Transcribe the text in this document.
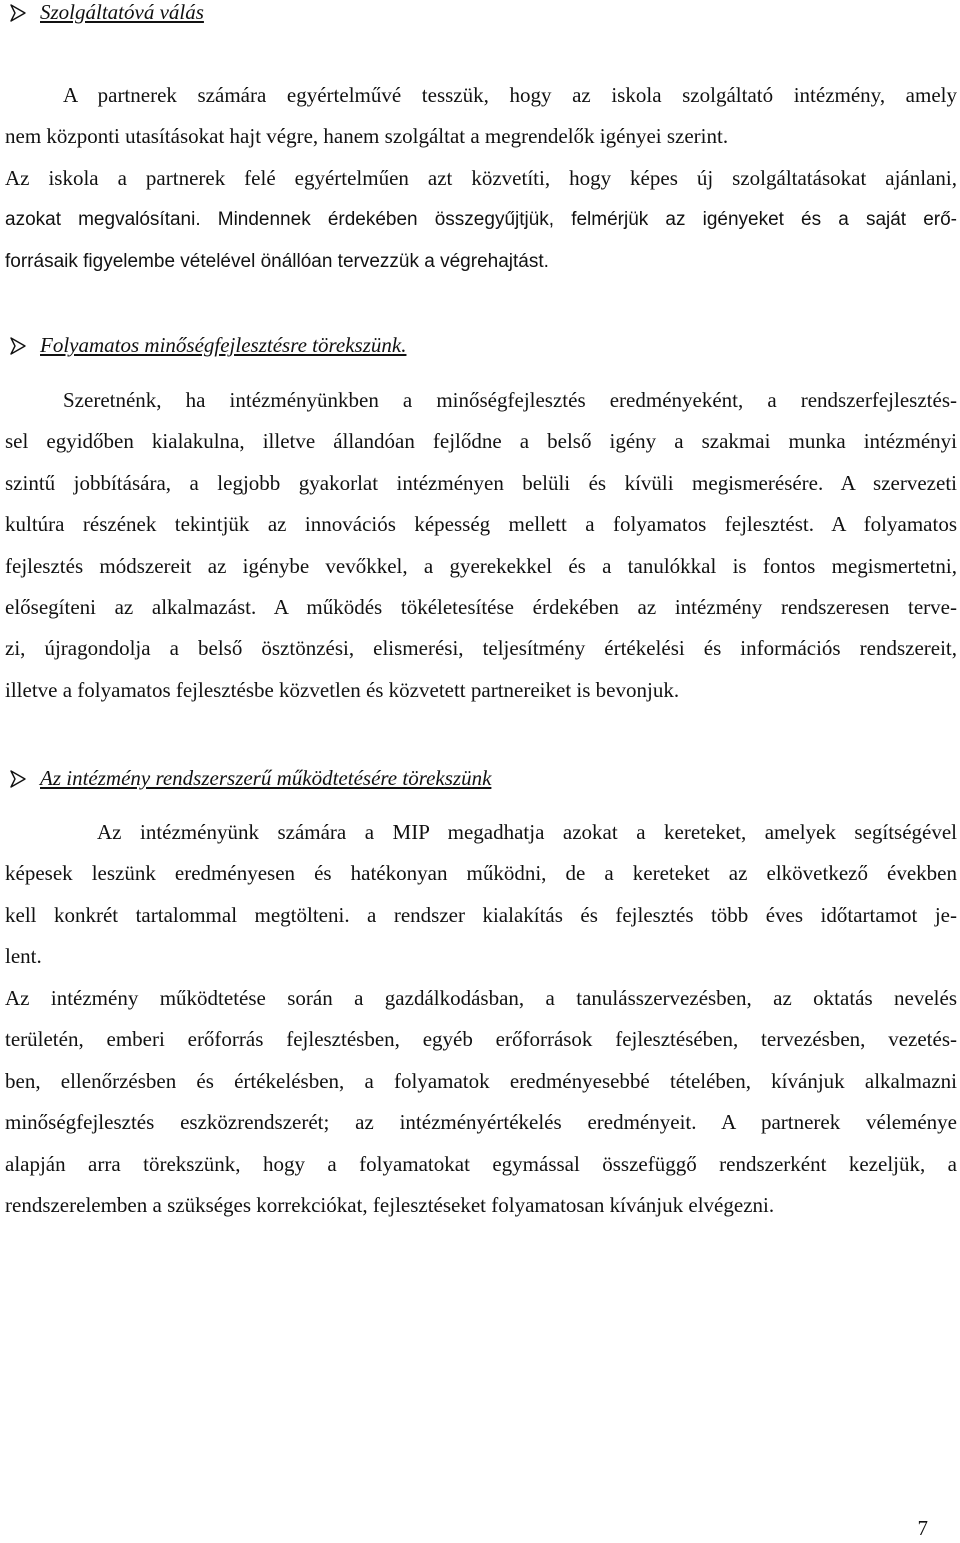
Szolgáltatóvá válás
A partnerek számára egyértelművé tesszük, hogy az iskola szolgáltató intézmény, amely
nem központi utasításokat hajt végre, hanem szolgáltat a megrendelők igényei szerint.
Az iskola a partnerek felé egyértelműen azt közvetíti, hogy képes új szolgáltatásokat ajánlani,
azokat megvalósítani. Mindennek érdekében összegyűjtjük, felmérjük az igényeket és a saját erő-
forrásaik figyelembe vételével önállóan tervezzük a végrehajtást.
Folyamatos minőségfejlesztésre törekszünk.
Szeretnénk, ha intézményünkben a minőségfejlesztés eredményeként, a rendszerfejlesztés-
sel egyidőben kialakulna, illetve állandóan fejlődne a belső igény a szakmai munka intézményi
szintű jobbítására, a legjobb gyakorlat intézményen belüli és kívüli megismerésére. A szervezeti
kultúra részének tekintjük az innovációs képesség mellett a folyamatos fejlesztést. A folyamatos
fejlesztés módszereit az igénybe vevőkkel, a gyerekekkel és a tanulókkal is fontos megismertetni,
elősegíteni az alkalmazást. A működés tökéletesítése érdekében az intézmény rendszeresen terve-
zi, újragondolja a belső ösztönzési, elismerési, teljesítmény értékelési és információs rendszereit,
illetve a folyamatos fejlesztésbe közvetlen és közvetett partnereiket is bevonjuk.
Az intézmény rendszerszerű működtetésére törekszünk
Az intézményünk számára a MIP megadhatja azokat a kereteket, amelyek segítségével
képesek leszünk eredményesen és hatékonyan működni, de a kereteket az elkövetkező években
kell konkrét tartalommal megtölteni. a rendszer kialakítás és fejlesztés több éves időtartamot je-
lent.
Az intézmény működtetése során a gazdálkodásban, a tanulásszervezésben, az oktatás nevelés
területén, emberi erőforrás fejlesztésben, egyéb erőforrások fejlesztésében, tervezésben, vezetés-
ben, ellenőrzésben és értékelésben, a folyamatok eredményesebbé tételében, kívánjuk alkalmazni
minőségfejlesztés eszközrendszerét; az intézményértékelés eredményeit. A partnerek véleménye
alapján arra törekszünk, hogy a folyamatokat egymással összefüggő rendszerként kezeljük, a
rendszerelemben a szükséges korrekciókat, fejlesztéseket folyamatosan kívánjuk elvégezni.
7
